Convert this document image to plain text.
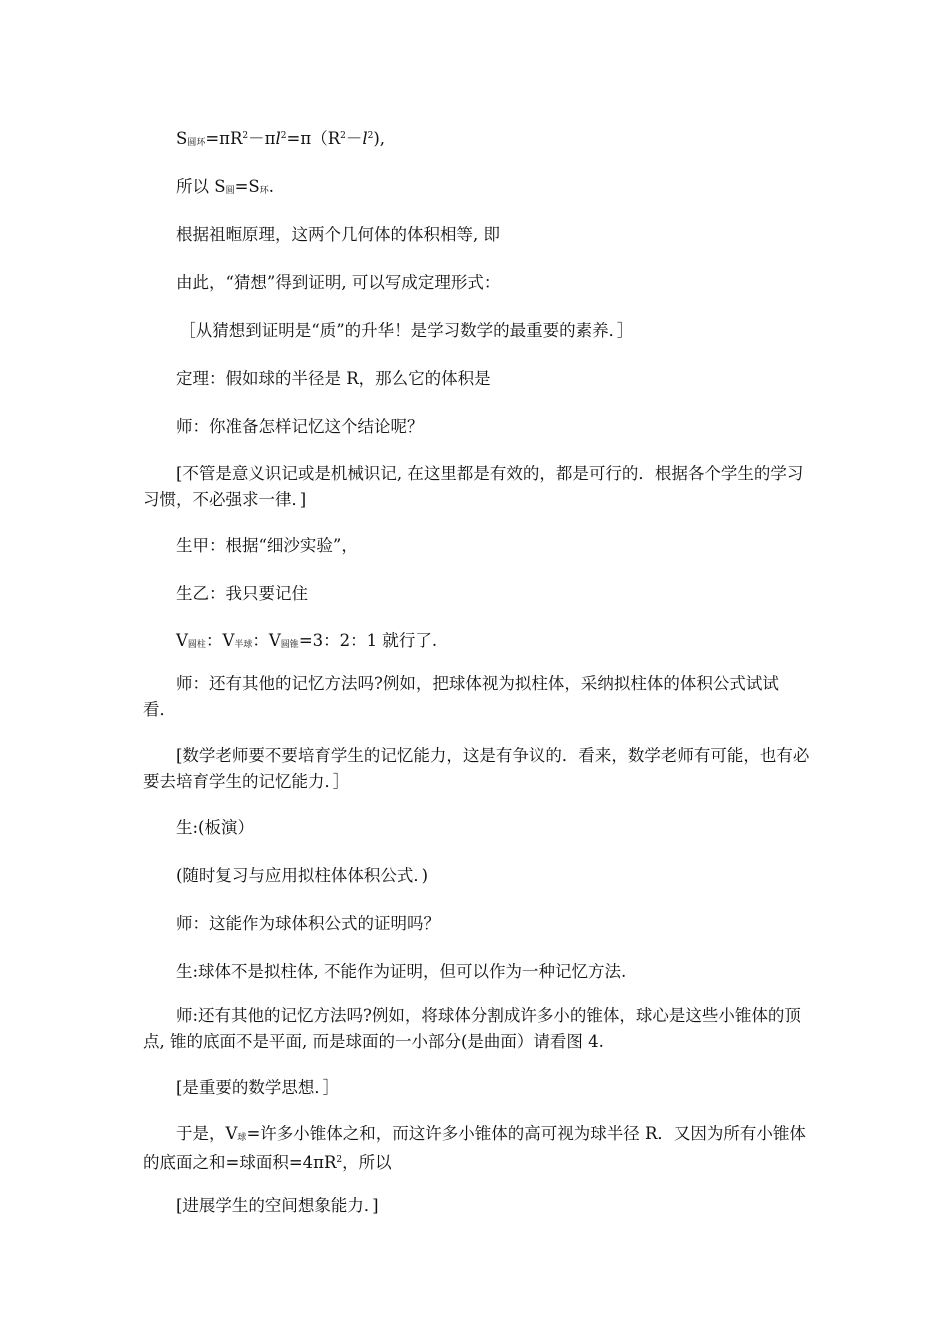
S圆环$=\pi R^2-\pi l^2=\pi(R^2-l^2)$,
所以 S圆=S环.
根据祖暅原理，这两个几何体的体积相等, 即
由此，“猜想”得到证明, 可以写成定理形式：
［从猜想到证明是“质”的升华！是学习数学的最重要的素养．］
定理：假如球的半径是 R，那么它的体积是
师：你准备怎样记忆这个结论呢？
[不管是意义识记或是机械识记, 在这里都是有效的，都是可行的．根据各个学生的学习习惯，不必强求一律．]
生甲：根据“细沙实验”，
生乙：我只要记住
V圆柱：V半球：V圆锥=3：2：1 就行了.
师：还有其他的记忆方法吗?例如，把球体视为拟柱体，采纳拟柱体的体积公式试试看．
[数学老师要不要培育学生的记忆能力，这是有争议的．看来，数学老师有可能，也有必要去培育学生的记忆能力．］
生:(板演）
(随时复习与应用拟柱体体积公式．)
师：这能作为球体积公式的证明吗？
生:球体不是拟柱体, 不能作为证明，但可以作为一种记忆方法.
师:还有其他的记忆方法吗?例如，将球体分割成许多小的锥体，球心是这些小锥体的顶点, 锥的底面不是平面, 而是球面的一小部分(是曲面）请看图 4.
[是重要的数学思想．］
于是，V球=许多小锥体之和，而这许多小锥体的高可视为球半径 R．又因为所有小锥体的底面之和=球面积$=4\pi R^2$，所以
[进展学生的空间想象能力．]
